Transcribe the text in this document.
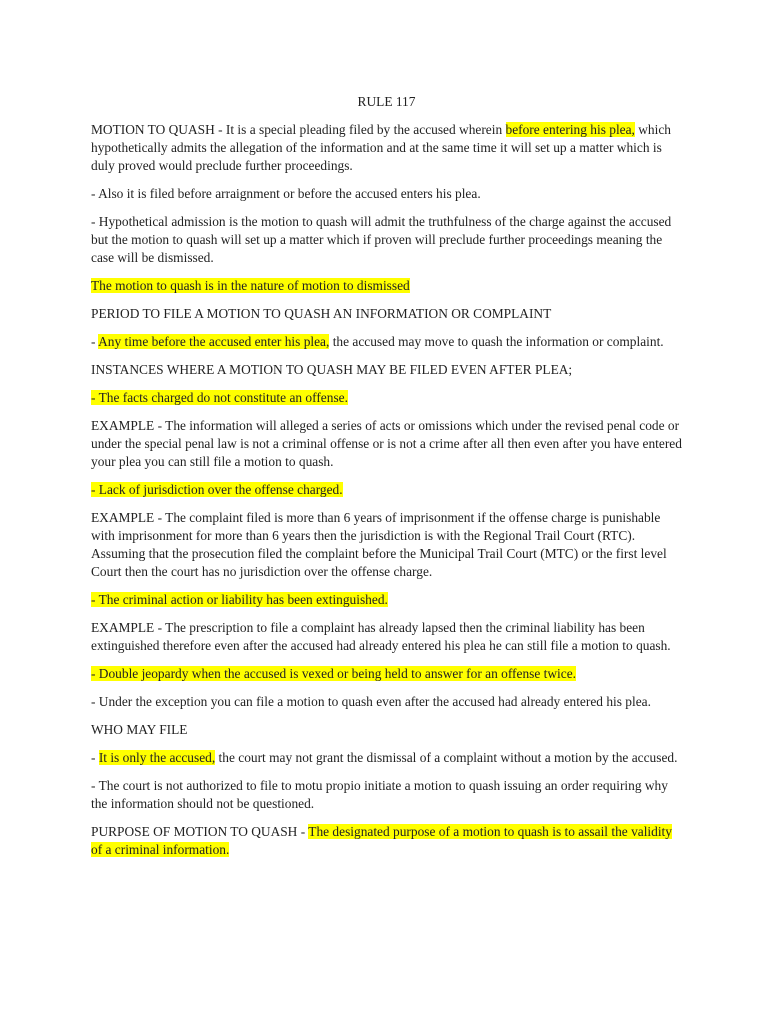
RULE 117

MOTION TO QUASH - It is a special pleading filed by the accused wherein before entering his plea, which hypothetically admits the allegation of the information and at the same time it will set up a matter which is duly proved would preclude further proceedings.

- Also it is filed before arraignment or before the accused enters his plea.

- Hypothetical admission is the motion to quash will admit the truthfulness of the charge against the accused but the motion to quash will set up a matter which if proven will preclude further proceedings meaning the case will be dismissed.

The motion to quash is in the nature of motion to dismissed

PERIOD TO FILE A MOTION TO QUASH AN INFORMATION OR COMPLAINT

- Any time before the accused enter his plea, the accused may move to quash the information or complaint.

INSTANCES WHERE A MOTION TO QUASH MAY BE FILED EVEN AFTER PLEA;

- The facts charged do not constitute an offense.

EXAMPLE - The information will alleged a series of acts or omissions which under the revised penal code or under the special penal law is not a criminal offense or is not a crime after all then even after you have entered your plea you can still file a motion to quash.

- Lack of jurisdiction over the offense charged.

EXAMPLE - The complaint filed is more than 6 years of imprisonment if the offense charge is punishable with imprisonment for more than 6 years then the jurisdiction is with the Regional Trail Court (RTC). Assuming that the prosecution filed the complaint before the Municipal Trail Court (MTC) or the first level Court then the court has no jurisdiction over the offense charge.

- The criminal action or liability has been extinguished.

EXAMPLE - The prescription to file a complaint has already lapsed then the criminal liability has been extinguished therefore even after the accused had already entered his plea he can still file a motion to quash.

- Double jeopardy when the accused is vexed or being held to answer for an offense twice.

- Under the exception you can file a motion to quash even after the accused had already entered his plea.

WHO MAY FILE

- It is only the accused, the court may not grant the dismissal of a complaint without a motion by the accused.

- The court is not authorized to file to motu propio initiate a motion to quash issuing an order requiring why the information should not be questioned.

PURPOSE OF MOTION TO QUASH - The designated purpose of a motion to quash is to assail the validity of a criminal information.
